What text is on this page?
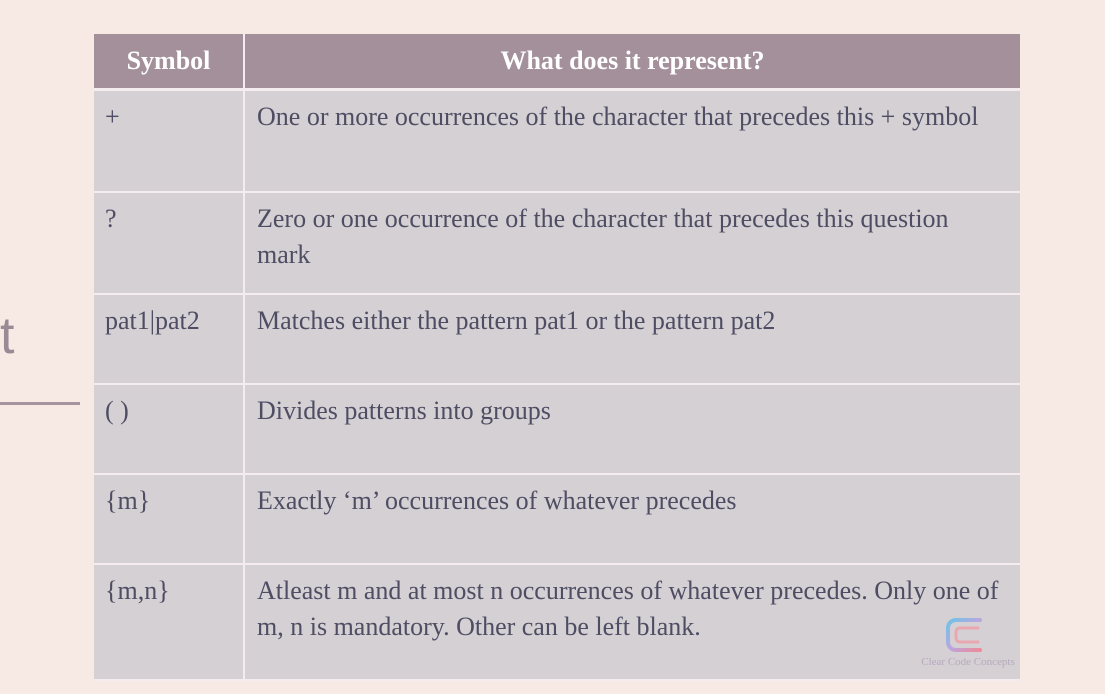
t
Symbol	What does it represent?
+	One or more occurrences of the character that precedes this + symbol
?	Zero or one occurrence of the character that precedes this question mark
pat1|pat2	Matches either the pattern pat1 or the pattern pat2
( )	Divides patterns into groups
{m}	Exactly ‘m’ occurrences of whatever precedes
{m,n}	Atleast m and at most n occurrences of whatever precedes. Only one of m, n is mandatory. Other can be left blank.
Clear Code Concepts
